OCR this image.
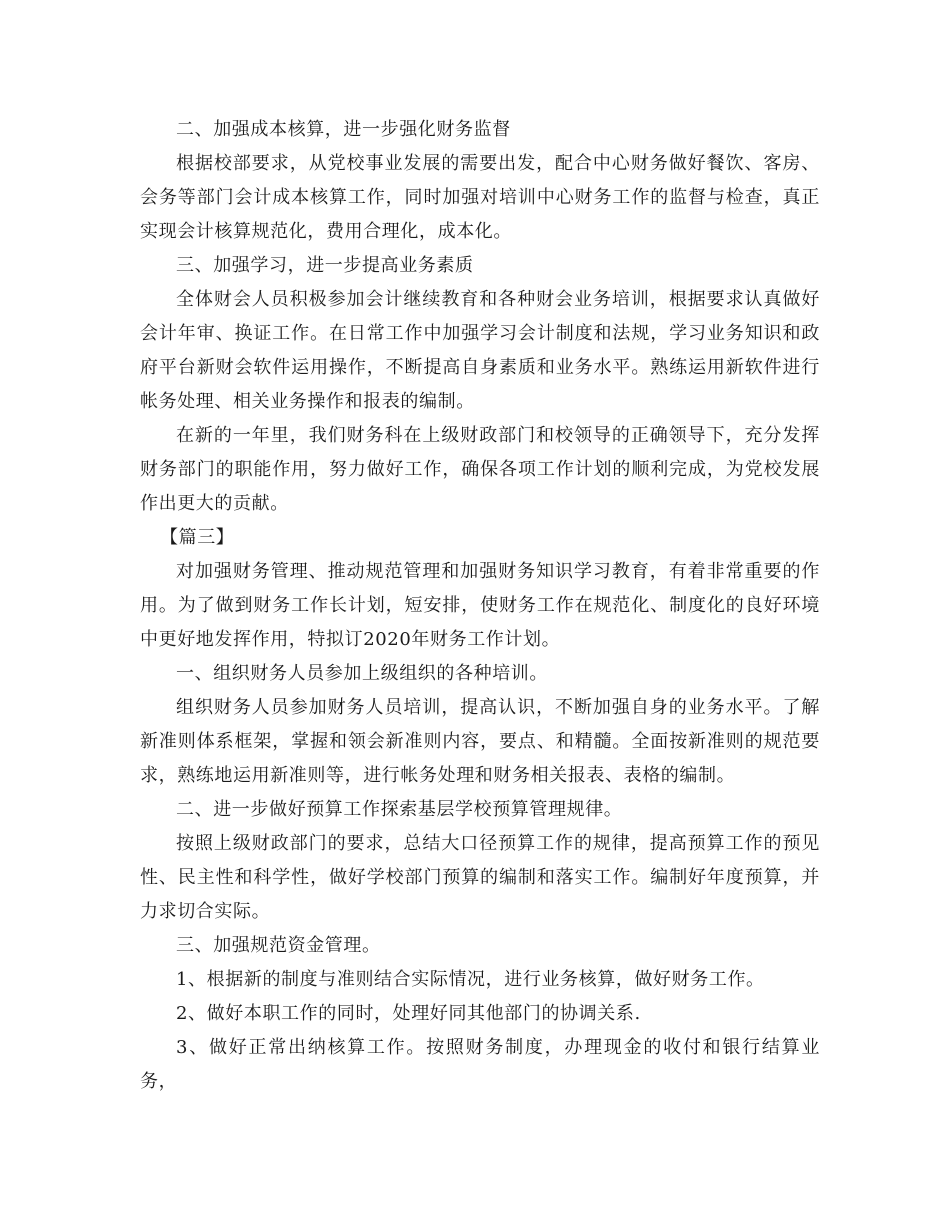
二、加强成本核算，进一步强化财务监督

根据校部要求，从党校事业发展的需要出发，配合中心财务做好餐饮、客房、会务等部门会计成本核算工作，同时加强对培训中心财务工作的监督与检查，真正实现会计核算规范化，费用合理化，成本化。

三、加强学习，进一步提高业务素质

全体财会人员积极参加会计继续教育和各种财会业务培训，根据要求认真做好会计年审、换证工作。在日常工作中加强学习会计制度和法规，学习业务知识和政府平台新财会软件运用操作，不断提高自身素质和业务水平。熟练运用新软件进行帐务处理、相关业务操作和报表的编制。

在新的一年里，我们财务科在上级财政部门和校领导的正确领导下，充分发挥财务部门的职能作用，努力做好工作，确保各项工作计划的顺利完成，为党校发展作出更大的贡献。

【篇三】

对加强财务管理、推动规范管理和加强财务知识学习教育，有着非常重要的作用。为了做到财务工作长计划，短安排，使财务工作在规范化、制度化的良好环境中更好地发挥作用，特拟订2020年财务工作计划。

一、组织财务人员参加上级组织的各种培训。

组织财务人员参加财务人员培训，提高认识，不断加强自身的业务水平。了解新准则体系框架，掌握和领会新准则内容，要点、和精髓。全面按新准则的规范要求，熟练地运用新准则等，进行帐务处理和财务相关报表、表格的编制。

二、进一步做好预算工作探索基层学校预算管理规律。

按照上级财政部门的要求，总结大口径预算工作的规律，提高预算工作的预见性、民主性和科学性，做好学校部门预算的编制和落实工作。编制好年度预算，并力求切合实际。

三、加强规范资金管理。

1、根据新的制度与准则结合实际情况，进行业务核算，做好财务工作。

2、做好本职工作的同时，处理好同其他部门的协调关系.

3、做好正常出纳核算工作。按照财务制度，办理现金的收付和银行结算业务，
